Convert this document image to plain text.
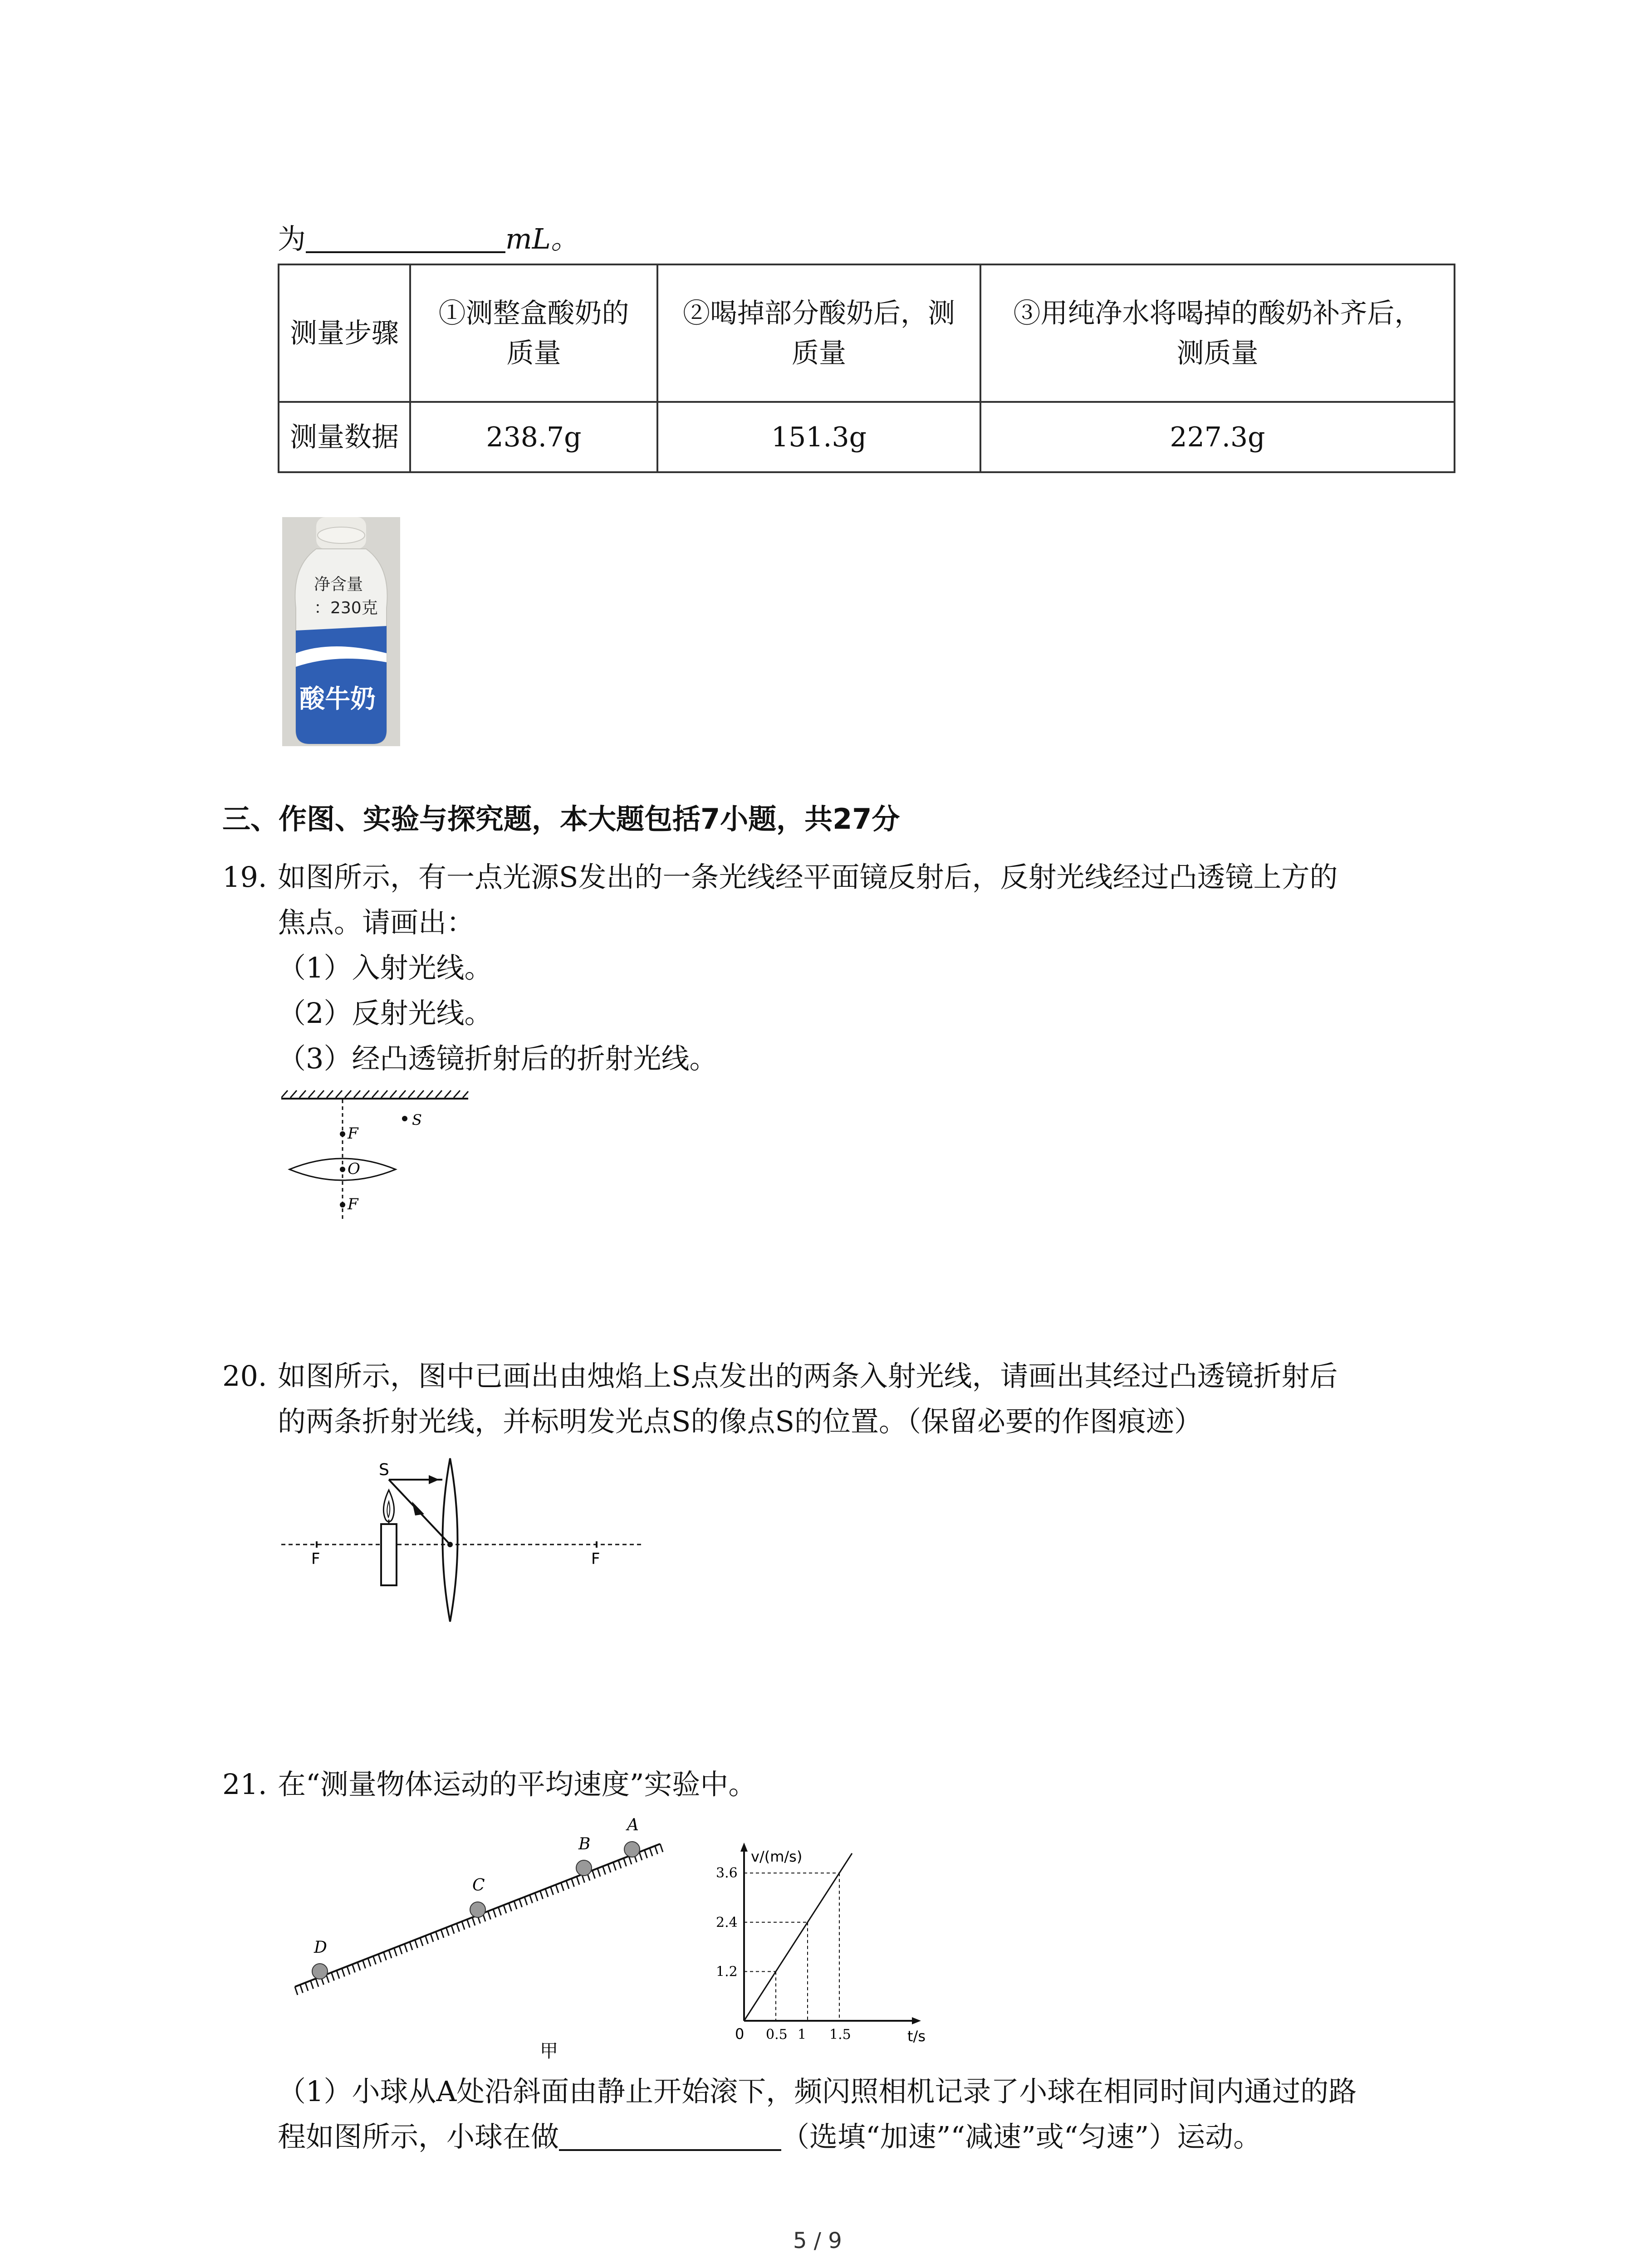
为	mL。
测量步骤	①测整盒酸奶的质量	②喝掉部分酸奶后，测质量	③用纯净水将喝掉的酸奶补齐后，测质量
测量数据	238.7g	151.3g	227.3g
净含量
：230克
酸牛奶
三、作图、实验与探究题，本大题包括7小题，共27分
19. 如图所示，有一点光源S发出的一条光线经平面镜反射后，反射光线经过凸透镜上方的
焦点。请画出：
（1）入射光线。
（2）反射光线。
（3）经凸透镜折射后的折射光线。
F
O
F
S
20. 如图所示，图中已画出由烛焰上S点发出的两条入射光线，请画出其经过凸透镜折射后
的两条折射光线，并标明发光点S的像点S的位置。（保留必要的作图痕迹）
S
F	F
21. 在“测量物体运动的平均速度”实验中。
A
B
C
D
甲
v/(m/s)
t/s
0 0.5 1 1.5
1.2
2.4
3.6
（1）小球从A处沿斜面由静止开始滚下，频闪照相机记录了小球在相同时间内通过的路
程如图所示，小球在做	（选填“加速”“减速”或“匀速”）运动。
5 / 9
